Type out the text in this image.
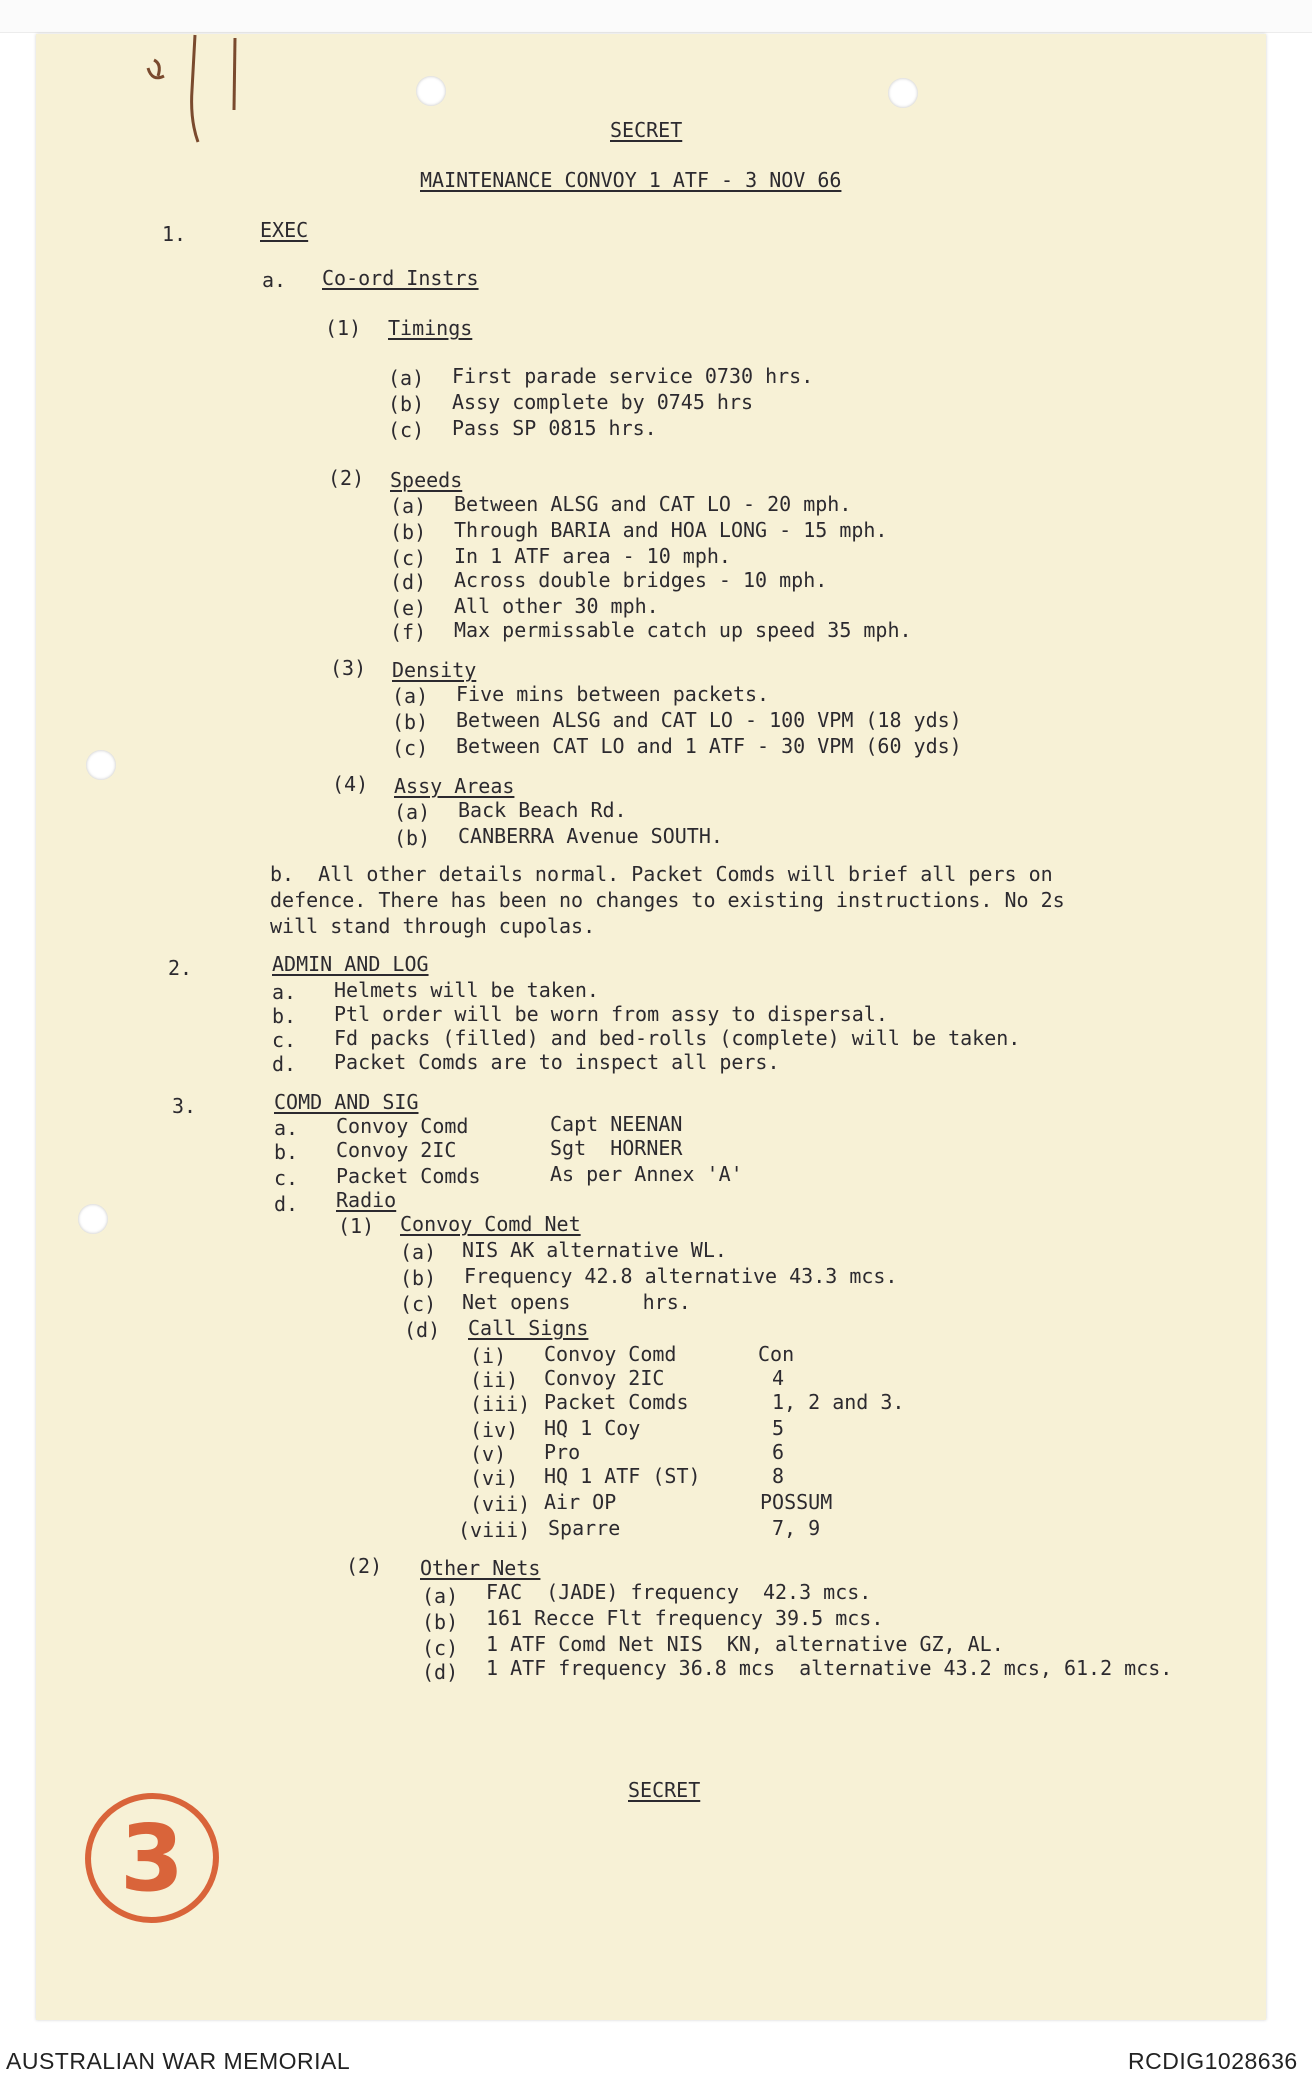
SECRET
MAINTENANCE CONVOY 1 ATF - 3 NOV 66
1.	EXEC
a. Co-ord Instrs
(1) Timings
(a) First parade service 0730 hrs.
(b) Assy complete by 0745 hrs
(c) Pass SP 0815 hrs.
(2) Speeds
(a) Between ALSG and CAT LO - 20 mph.
(b) Through BARIA and HOA LONG - 15 mph.
(c) In 1 ATF area - 10 mph.
(d) Across double bridges - 10 mph.
(e) All other 30 mph.
(f) Max permissable catch up speed 35 mph.
(3) Density
(a) Five mins between packets.
(b) Between ALSG and CAT LO - 100 VPM (18 yds)
(c) Between CAT LO and 1 ATF - 30 VPM (60 yds)
(4) Assy Areas
(a) Back Beach Rd.
(b) CANBERRA Avenue SOUTH.
b.  All other details normal. Packet Comds will brief all pers on
defence. There has been no changes to existing instructions. No 2s
will stand through cupolas.
2.	ADMIN AND LOG
a. Helmets will be taken.
b. Ptl order will be worn from assy to dispersal.
c. Fd packs (filled) and bed-rolls (complete) will be taken.
d. Packet Comds are to inspect all pers.
3.	COMD AND SIG
a. Convoy Comd	Capt NEENAN
b. Convoy 2IC	Sgt  HORNER
c. Packet Comds	As per Annex 'A'
d. Radio
(1) Convoy Comd Net
(a) NIS AK alternative WL.
(b) Frequency 42.8 alternative 43.3 mcs.
(c) Net opens      hrs.
(d) Call Signs
(i) Convoy Comd	Con
(ii) Convoy 2IC	4
(iii) Packet Comds	1, 2 and 3.
(iv) HQ 1 Coy	5
(v) Pro	6
(vi) HQ 1 ATF (ST)	8
(vii) Air OP	POSSUM
(viii) Sparre	7, 9
(2) Other Nets
(a) FAC  (JADE) frequency  42.3 mcs.
(b) 161 Recce Flt frequency 39.5 mcs.
(c) 1 ATF Comd Net NIS  KN, alternative GZ, AL.
(d) 1 ATF frequency 36.8 mcs  alternative 43.2 mcs, 61.2 mcs.
SECRET
3
AUSTRALIAN WAR MEMORIAL	RCDIG1028636
